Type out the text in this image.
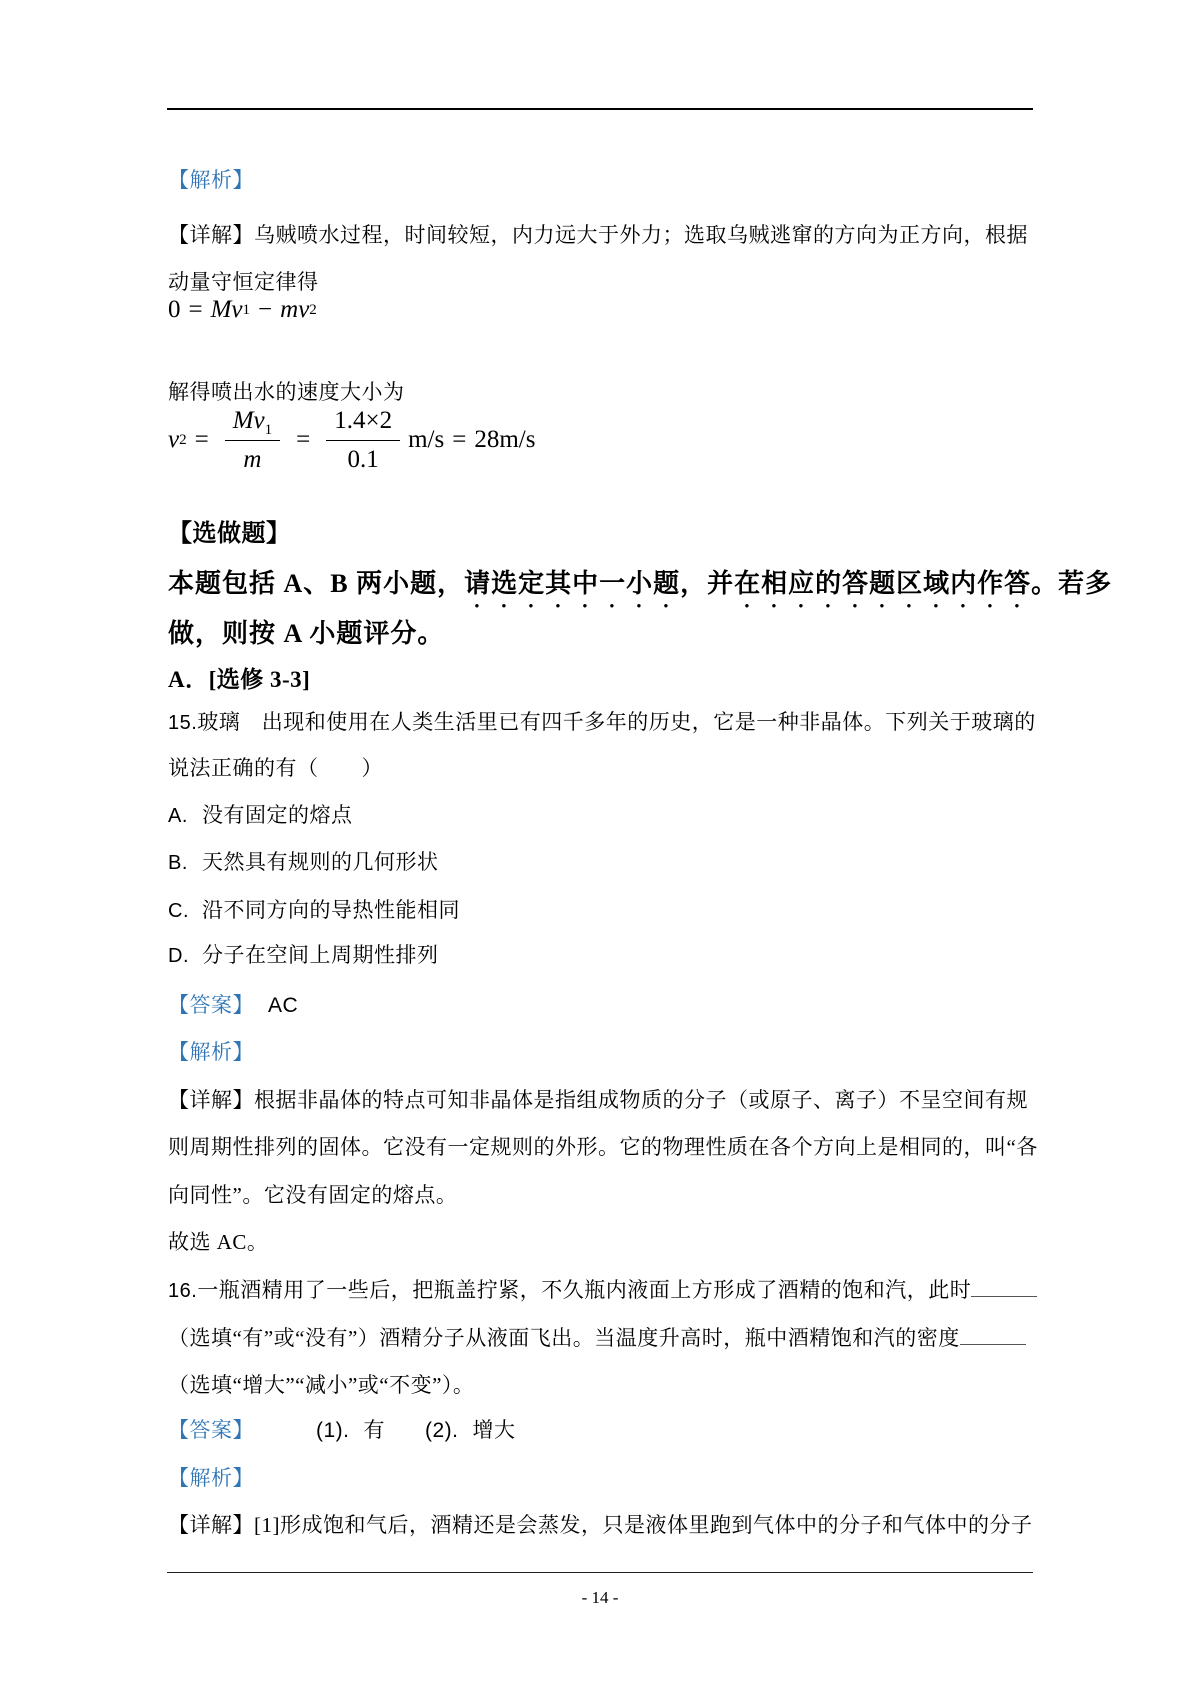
【解析】

【详解】乌贼喷水过程，时间较短，内力远大于外力；选取乌贼逃窜的方向为正方向，根据

动量守恒定律得

0 = Mv 1 − mv 2

解得喷出水的速度大小为

v $2 = \frac{Mv_1}{m} = \frac{1.4\times 2}{0.1} m/s = 28m/s$

【选做题】

本题包括 A、B 两小题，请选定其中一小题，并在相应的答题区域内作答。若多

做，则按 A 小题评分。

A．[选修 3-3]

15.玻璃　出现和使用在人类生活里已有四千多年的历史，它是一种非晶体。下列关于玻璃的

说法正确的有（　　）

A. 没有固定的熔点

B. 天然具有规则的几何形状

C. 沿不同方向的导热性能相同

D. 分子在空间上周期性排列

【答案】 AC

【解析】

【详解】根据非晶体的特点可知非晶体是指组成物质的分子（或原子、离子）不呈空间有规

则周期性排列的固体。它没有一定规则的外形。它的物理性质在各个方向上是相同的，叫“各

向同性”。它没有固定的熔点。

故选 AC。

16.一瓶酒精用了一些后，把瓶盖拧紧，不久瓶内液面上方形成了酒精的饱和汽，此时

（选填“有”或“没有”）酒精分子从液面飞出。当温度升高时，瓶中酒精饱和汽的密度

（选填“增大”“减小”或“不变”）。

【答案】	(1). 有 (2). 增大

【解析】

【详解】[1]形成饱和气后，酒精还是会蒸发，只是液体里跑到气体中的分子和气体中的分子

- 14 -
